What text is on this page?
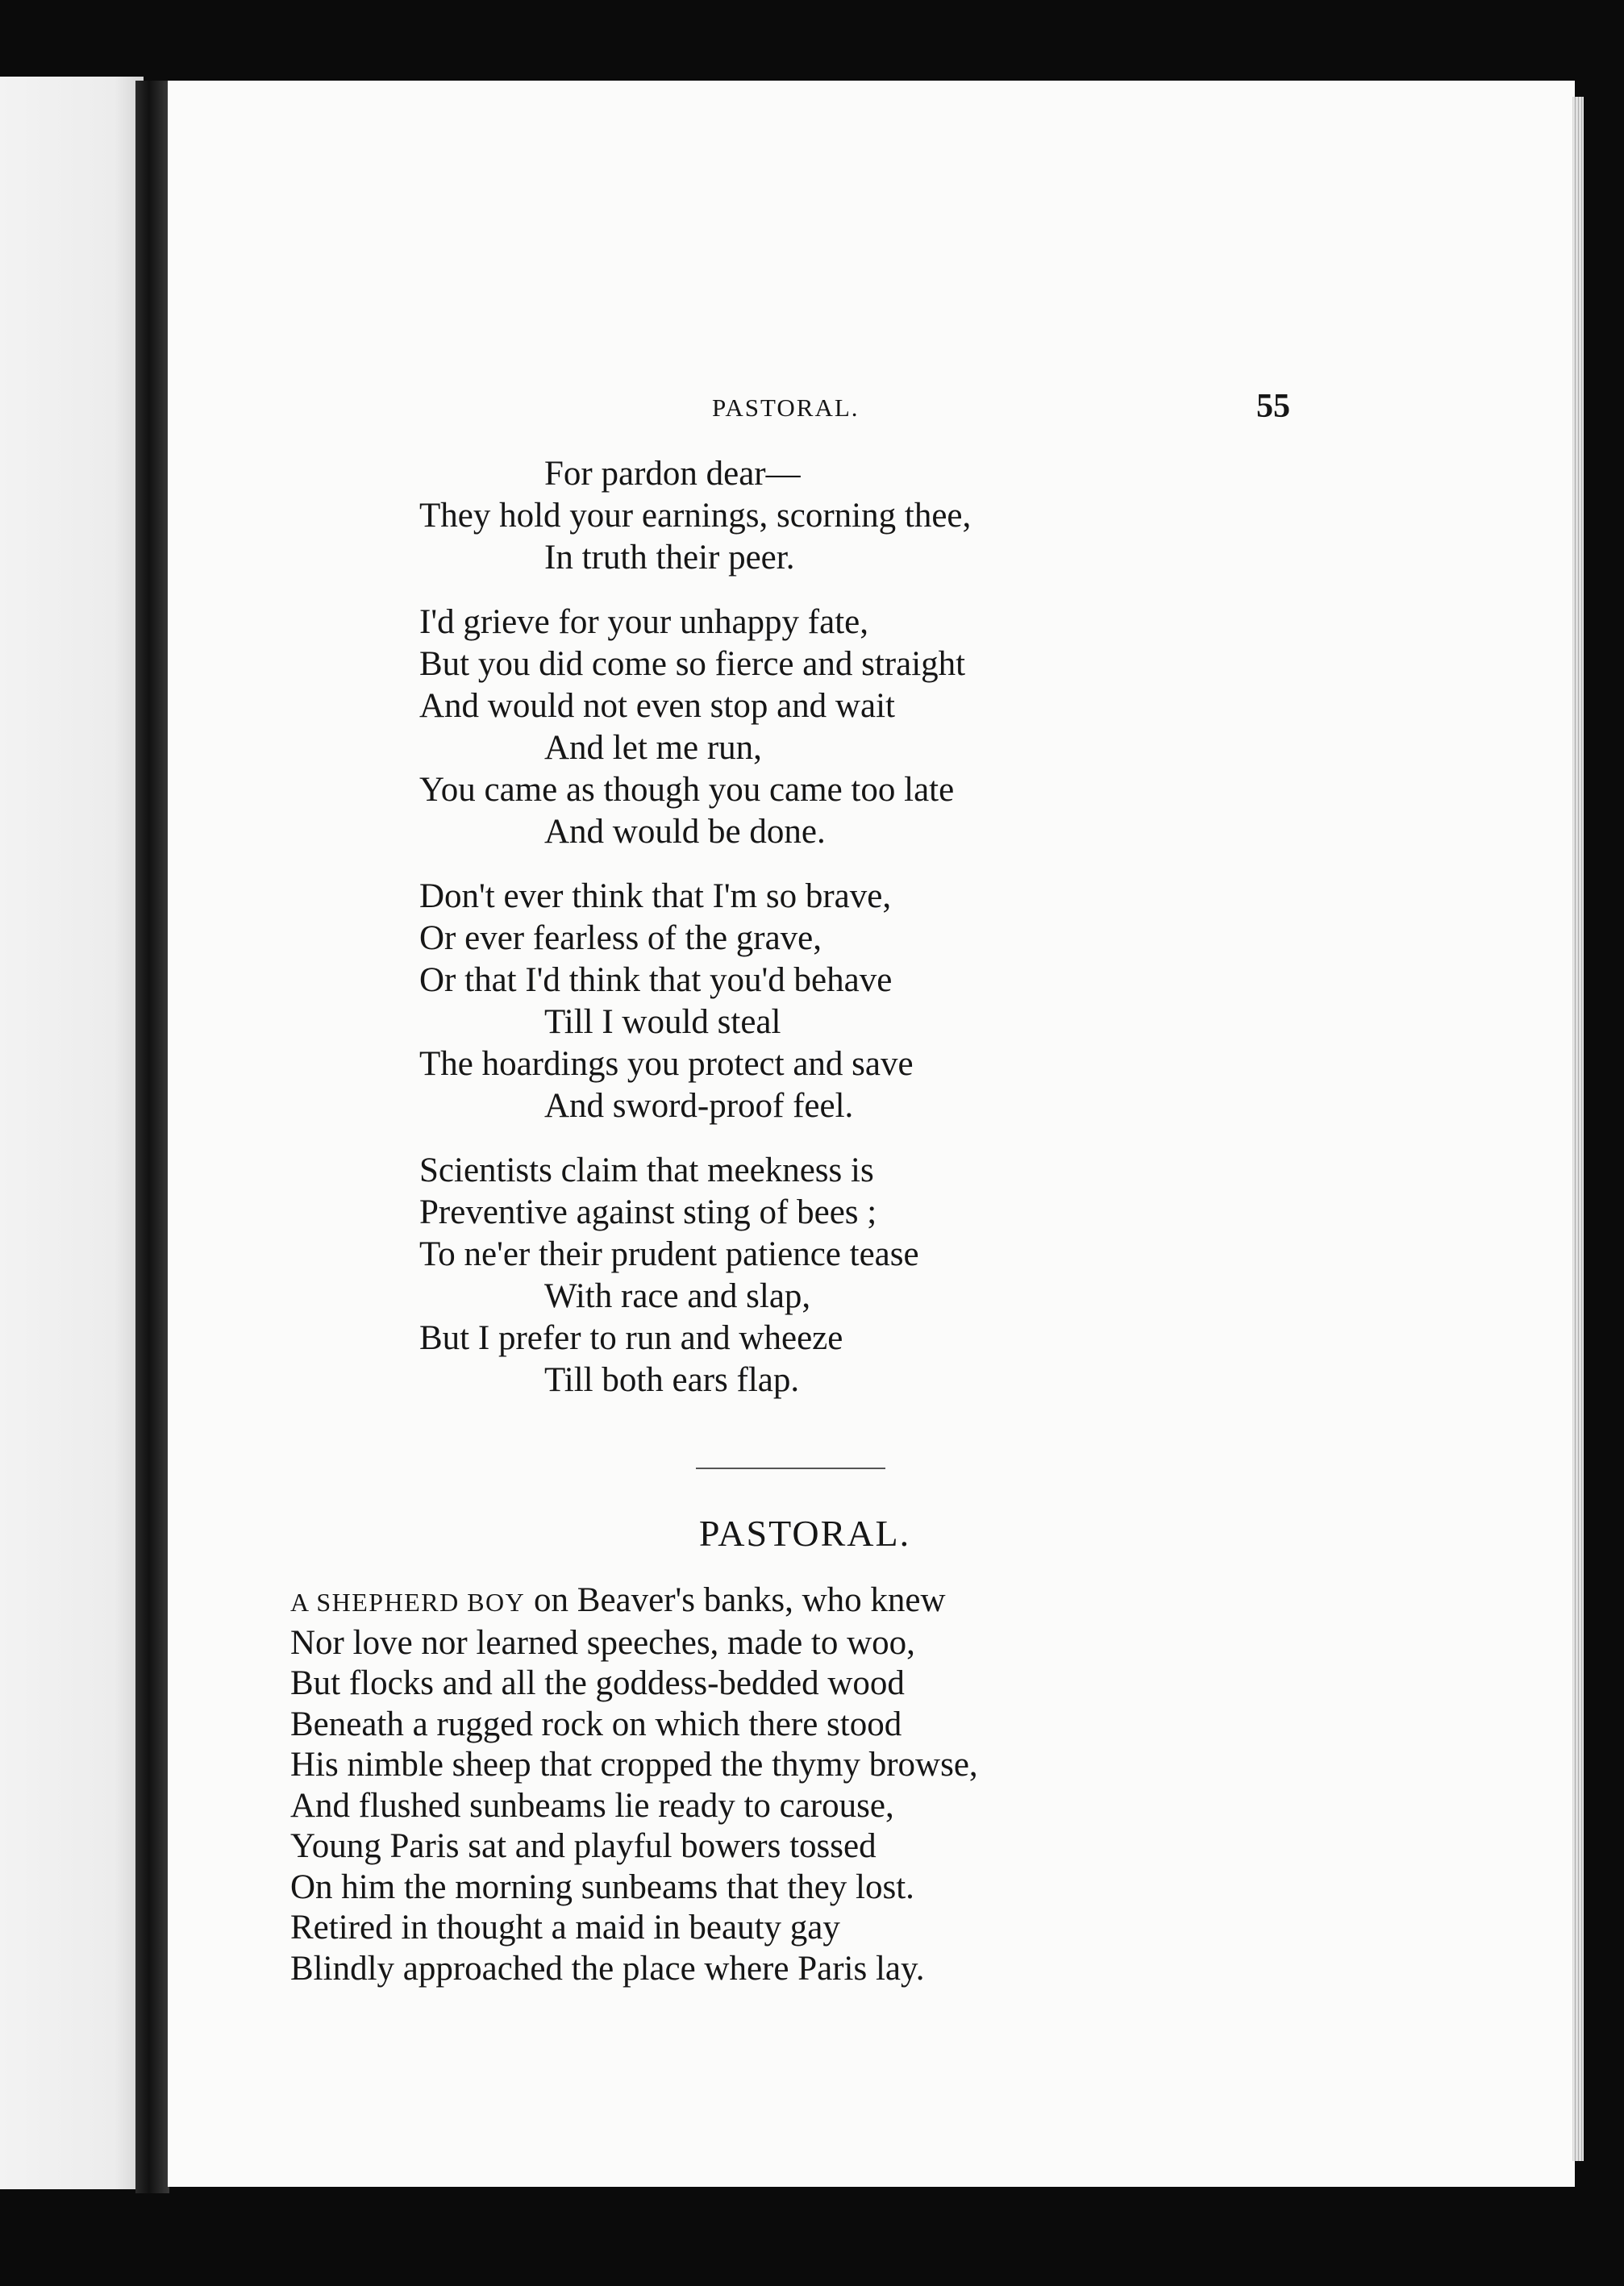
PASTORAL.	55
For pardon dear—
They hold your earnings, scorning thee,
In truth their peer.
I'd grieve for your unhappy fate,
But you did come so fierce and straight
And would not even stop and wait
And let me run,
You came as though you came too late
And would be done.
Don't ever think that I'm so brave,
Or ever fearless of the grave,
Or that I'd think that you'd behave
Till I would steal
The hoardings you protect and save
And sword-proof feel.
Scientists claim that meekness is
Preventive against sting of bees ;
To ne'er their prudent patience tease
With race and slap,
But I prefer to run and wheeze
Till both ears flap.
PASTORAL.
A SHEPHERD BOY on Beaver's banks, who knew
Nor love nor learned speeches, made to woo,
But flocks and all the goddess-bedded wood
Beneath a rugged rock on which there stood
His nimble sheep that cropped the thymy browse,
And flushed sunbeams lie ready to carouse,
Young Paris sat and playful bowers tossed
On him the morning sunbeams that they lost.
Retired in thought a maid in beauty gay
Blindly approached the place where Paris lay.
